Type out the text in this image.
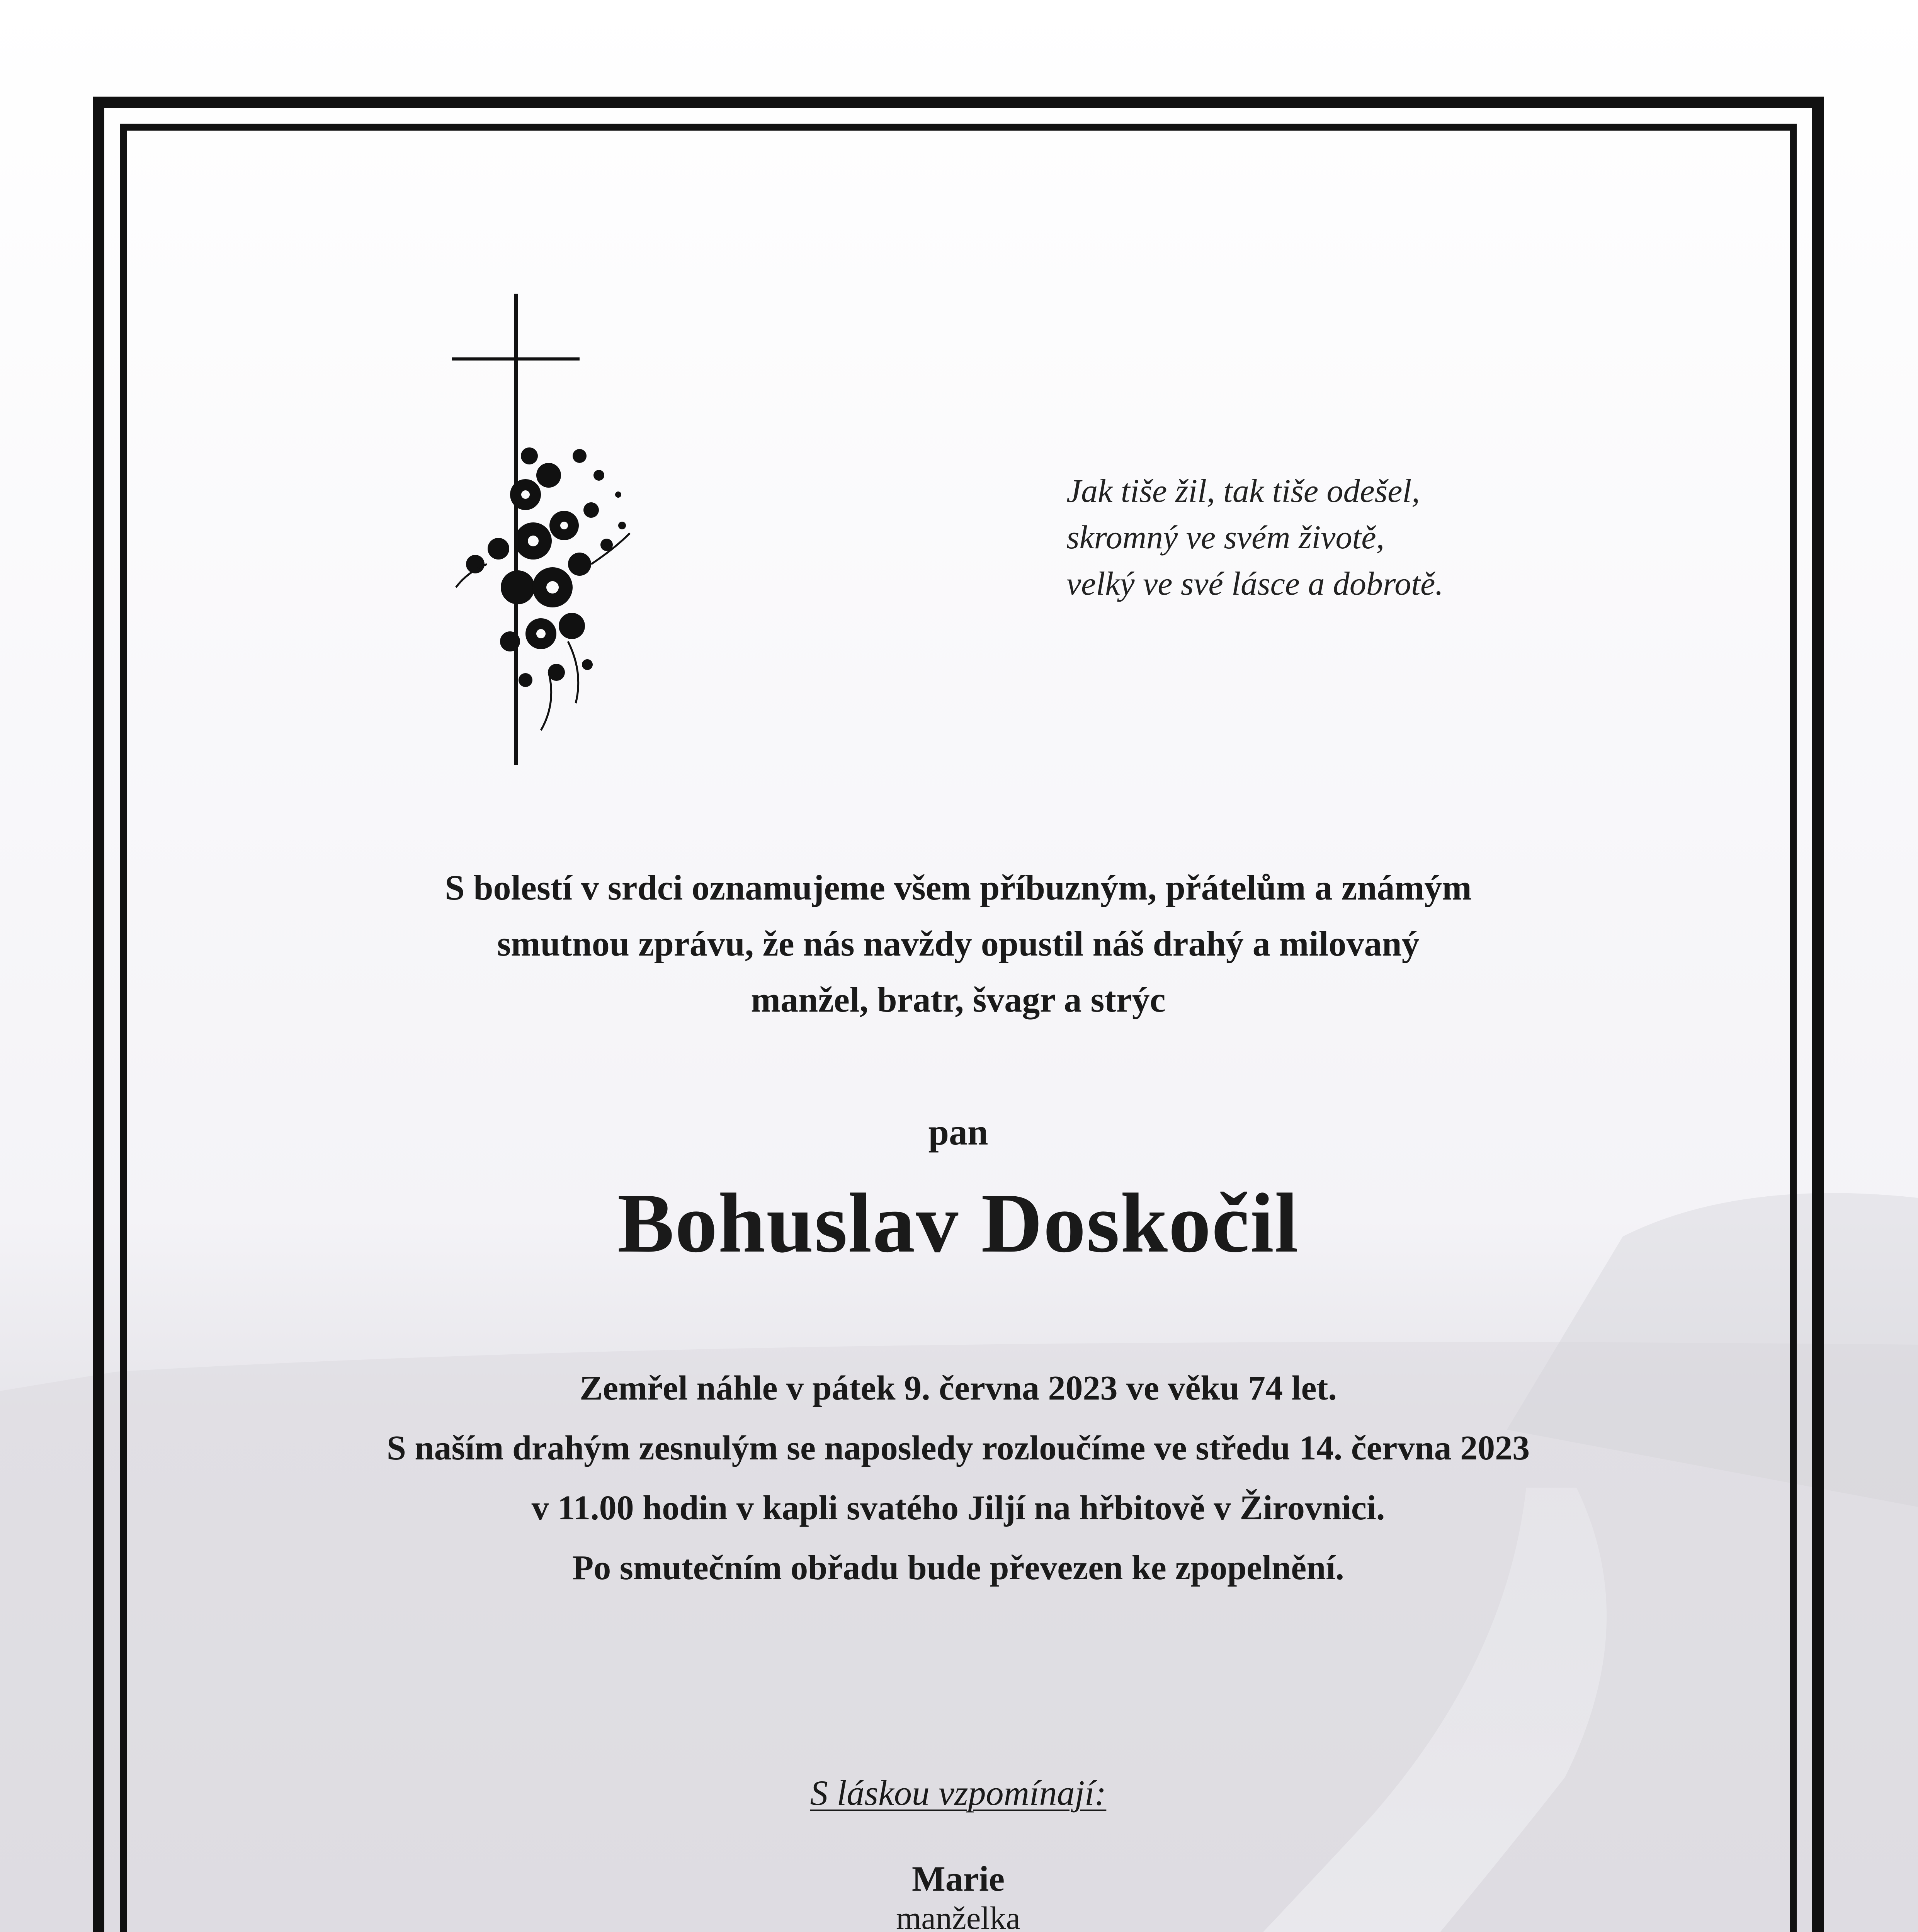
Jak tiše žil, tak tiše odešel,
skromný ve svém životě,
velký ve své lásce a dobrotě.
S bolestí v srdci oznamujeme všem příbuzným, přátelům a známým
smutnou zprávu, že nás navždy opustil náš drahý a milovaný
manžel, bratr, švagr a strýc
pan
Bohuslav Doskočil
Zemřel náhle v pátek 9. června 2023 ve věku 74 let.
S naším drahým zesnulým se naposledy rozloučíme ve středu 14. června 2023
v 11.00 hodin v kapli svatého Jiljí na hřbitově v Žirovnici.
Po smutečním obřadu bude převezen ke zpopelnění.
S láskou vzpomínají:
Marie
manželka
